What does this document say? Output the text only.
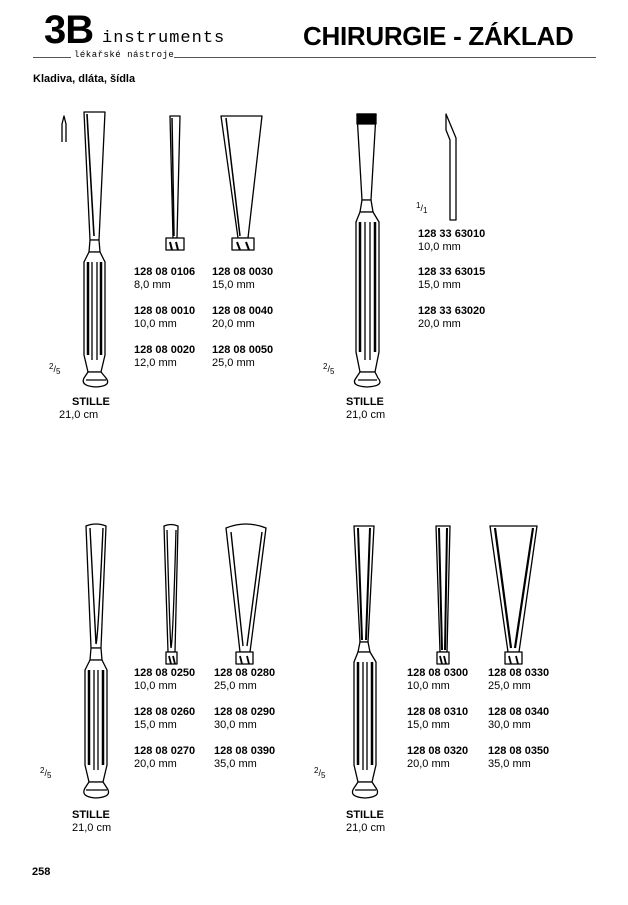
3B instruments
lékařské nástroje
CHIRURGIE - ZÁKLAD
Kladiva, dláta, šídla
$^2/_5$
$^2/_5$
$^1/_1$
$^2/_5$
$^2/_5$
128 08 0106
8,0 mm
128 08 0010
10,0 mm
128 08 0020
12,0 mm
128 08 0030
15,0 mm
128 08 0040
20,0 mm
128 08 0050
25,0 mm
STILLE
21,0 cm
128 33 63010
10,0 mm
128 33 63015
15,0 mm
128 33 63020
20,0 mm
STILLE
21,0 cm
128 08 0250
10,0 mm
128 08 0260
15,0 mm
128 08 0270
20,0 mm
128 08 0280
25,0 mm
128 08 0290
30,0 mm
128 08 0390
35,0 mm
STILLE
21,0 cm
128 08 0300
10,0 mm
128 08 0310
15,0 mm
128 08 0320
20,0 mm
128 08 0330
25,0 mm
128 08 0340
30,0 mm
128 08 0350
35,0 mm
STILLE
21,0 cm
258
